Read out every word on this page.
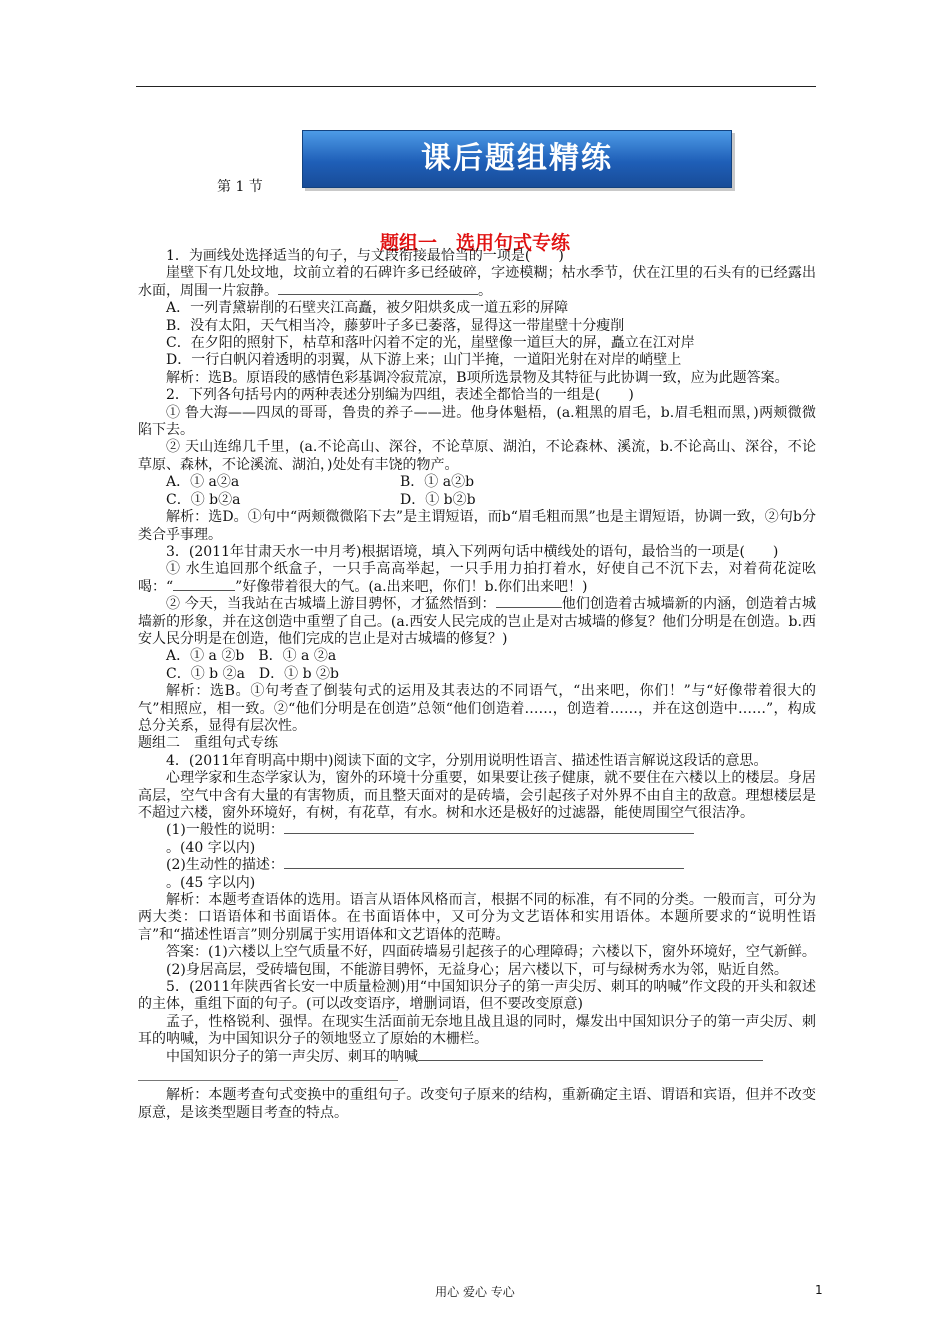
课后题组精练
第 1 节
题组一　选用句式专练

1．为画线处选择适当的句子，与文段衔接最恰当的一项是(　　)

崖壁下有几处坟地，坟前立着的石碑许多已经破碎，字迹模糊；枯水季节，伏在江里的石头有的已经露出水面，周围一片寂静。	。

A．一列青黛崭削的石壁夹江高矗，被夕阳烘炙成一道五彩的屏障

B．没有太阳，天气相当冷，藤萝叶子多已萎落，显得这一带崖壁十分瘦削

C．在夕阳的照射下，枯草和落叶闪着不定的光，崖壁像一道巨大的屏，矗立在江对岸

D．一行白帆闪着透明的羽翼，从下游上来；山门半掩，一道阳光射在对岸的峭壁上

解析：选B。原语段的感情色彩基调冷寂荒凉，B项所选景物及其特征与此协调一致，应为此题答案。

2．下列各句括号内的两种表述分别编为四组，表述全都恰当的一组是(　　)

① 鲁大海——四凤的哥哥，鲁贵的养子——进。他身体魁梧，(a.粗黑的眉毛，b.眉毛粗而黑，)两颊微微陷下去。

② 天山连绵几千里，(a.不论高山、深谷，不论草原、湖泊，不论森林、溪流，b.不论高山、深谷，不论草原、森林，不论溪流、湖泊，)处处有丰饶的物产。

A．① a②a	B．① a②b
C．① b②a	D．① b②b

解析：选D。①句中“两颊微微陷下去”是主谓短语，而b“眉毛粗而黑”也是主谓短语，协调一致，②句b分类合乎事理。

3．(2011年甘肃天水一中月考)根据语境，填入下列两句话中横线处的语句，最恰当的一项是(　　)

① 水生追回那个纸盒子，一只手高高举起，一只手用力拍打着水，好使自己不沉下去，对着荷花淀吆喝：“	”好像带着很大的气。(a.出来吧，你们！b.你们出来吧！)

② 今天，当我站在古城墙上游目骋怀，才猛然悟到：	他们创造着古城墙新的内涵，创造着古城墙新的形象，并在这创造中重塑了自己。(a.西安人民完成的岂止是对古城墙的修复？他们分明是在创造。b.西安人民分明是在创造，他们完成的岂止是对古城墙的修复？)

A．① a ②b　B．① a ②a

C．① b ②a　D．① b ②b

解析：选B。①句考查了倒装句式的运用及其表达的不同语气，“出来吧，你们！”与“好像带着很大的气”相照应，相一致。②“他们分明是在创造”总领“他们创造着……，创造着……，并在这创造中……”，构成总分关系，显得有层次性。

题组二　重组句式专练

4．(2011年育明高中期中)阅读下面的文字，分别用说明性语言、描述性语言解说这段话的意思。

心理学家和生态学家认为，窗外的环境十分重要，如果要让孩子健康，就不要住在六楼以上的楼层。身居高层，空气中含有大量的有害物质，而且整天面对的是砖墙，会引起孩子对外界不由自主的敌意。理想楼层是不超过六楼，窗外环境好，有树，有花草，有水。树和水还是极好的过滤器，能使周围空气很洁净。

(1)一般性的说明：

。(40 字以内)

(2)生动性的描述：

。(45 字以内)

解析：本题考查语体的选用。语言从语体风格而言，根据不同的标准，有不同的分类。一般而言，可分为两大类：口语语体和书面语体。在书面语体中，又可分为文艺语体和实用语体。本题所要求的“说明性语言”和“描述性语言”则分别属于实用语体和文艺语体的范畴。

答案：(1)六楼以上空气质量不好，四面砖墙易引起孩子的心理障碍；六楼以下，窗外环境好，空气新鲜。

(2)身居高层，受砖墙包围，不能游目骋怀，无益身心；居六楼以下，可与绿树秀水为邻，贴近自然。

5．(2011年陕西省长安一中质量检测)用“中国知识分子的第一声尖厉、刺耳的呐喊”作文段的开头和叙述的主体，重组下面的句子。(可以改变语序，增删词语，但不要改变原意)

孟子，性格锐利、强悍。在现实生活面前无奈地且战且退的同时，爆发出中国知识分子的第一声尖厉、刺耳的呐喊，为中国知识分子的领地竖立了原始的木栅栏。

中国知识分子的第一声尖厉、刺耳的呐喊

解析：本题考查句式变换中的重组句子。改变句子原来的结构，重新确定主语、谓语和宾语，但并不改变原意，是该类型题目考查的特点。

用心 爱心 专心	1
